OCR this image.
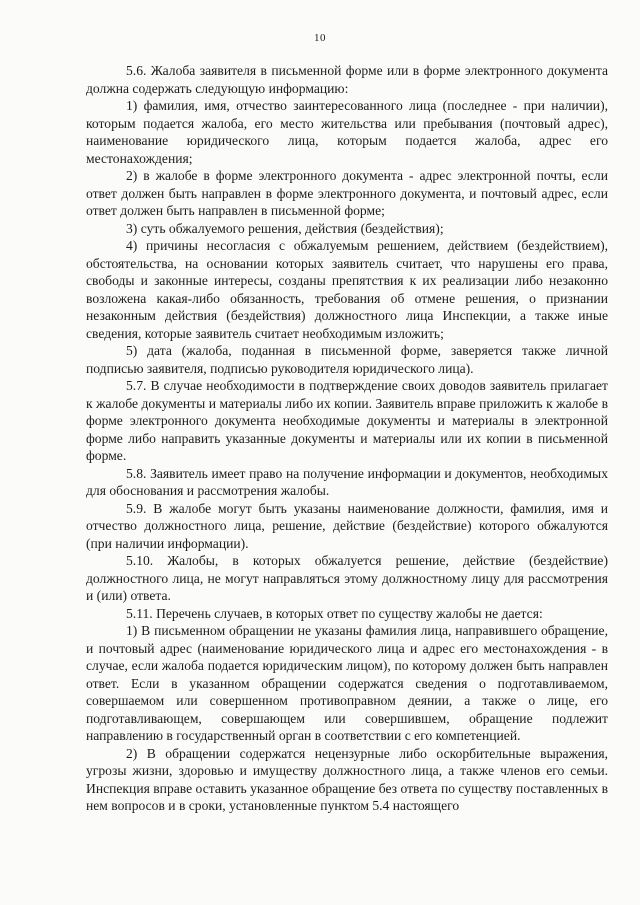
10

5.6. Жалоба заявителя в письменной форме или в форме электронного документа должна содержать следующую информацию:

1) фамилия, имя, отчество заинтересованного лица (последнее - при наличии), которым подается жалоба, его место жительства или пребывания (почтовый адрес), наименование юридического лица, которым подается жалоба, адрес его местонахождения;

2) в жалобе в форме электронного документа - адрес электронной почты, если ответ должен быть направлен в форме электронного документа, и почтовый адрес, если ответ должен быть направлен в письменной форме;

3) суть обжалуемого решения, действия (бездействия);

4) причины несогласия с обжалуемым решением, действием (бездействием), обстоятельства, на основании которых заявитель считает, что нарушены его права, свободы и законные интересы, созданы препятствия к их реализации либо незаконно возложена какая-либо обязанность, требования об отмене решения, о признании незаконным действия (бездействия) должностного лица Инспекции, а также иные сведения, которые заявитель считает необходимым изложить;

5) дата (жалоба, поданная в письменной форме, заверяется также личной подписью заявителя, подписью руководителя юридического лица).

5.7. В случае необходимости в подтверждение своих доводов заявитель прилагает к жалобе документы и материалы либо их копии. Заявитель вправе приложить к жалобе в форме электронного документа необходимые документы и материалы в электронной форме либо направить указанные документы и материалы или их копии в письменной форме.

5.8. Заявитель имеет право на получение информации и документов, необходимых для обоснования и рассмотрения жалобы.

5.9. В жалобе могут быть указаны наименование должности, фамилия, имя и отчество должностного лица, решение, действие (бездействие) которого обжалуются (при наличии информации).

5.10. Жалобы, в которых обжалуется решение, действие (бездействие) должностного лица, не могут направляться этому должностному лицу для рассмотрения и (или) ответа.

5.11. Перечень случаев, в которых ответ по существу жалобы не дается:

1) В письменном обращении не указаны фамилия лица, направившего обращение, и почтовый адрес (наименование юридического лица и адрес его местонахождения - в случае, если жалоба подается юридическим лицом), по которому должен быть направлен ответ. Если в указанном обращении содержатся сведения о подготавливаемом, совершаемом или совершенном противоправном деянии, а также о лице, его подготавливающем, совершающем или совершившем, обращение подлежит направлению в государственный орган в соответствии с его компетенцией.

2) В обращении содержатся нецензурные либо оскорбительные выражения, угрозы жизни, здоровью и имуществу должностного лица, а также членов его семьи. Инспекция вправе оставить указанное обращение без ответа по существу поставленных в нем вопросов и в сроки, установленные пунктом 5.4 настоящего
